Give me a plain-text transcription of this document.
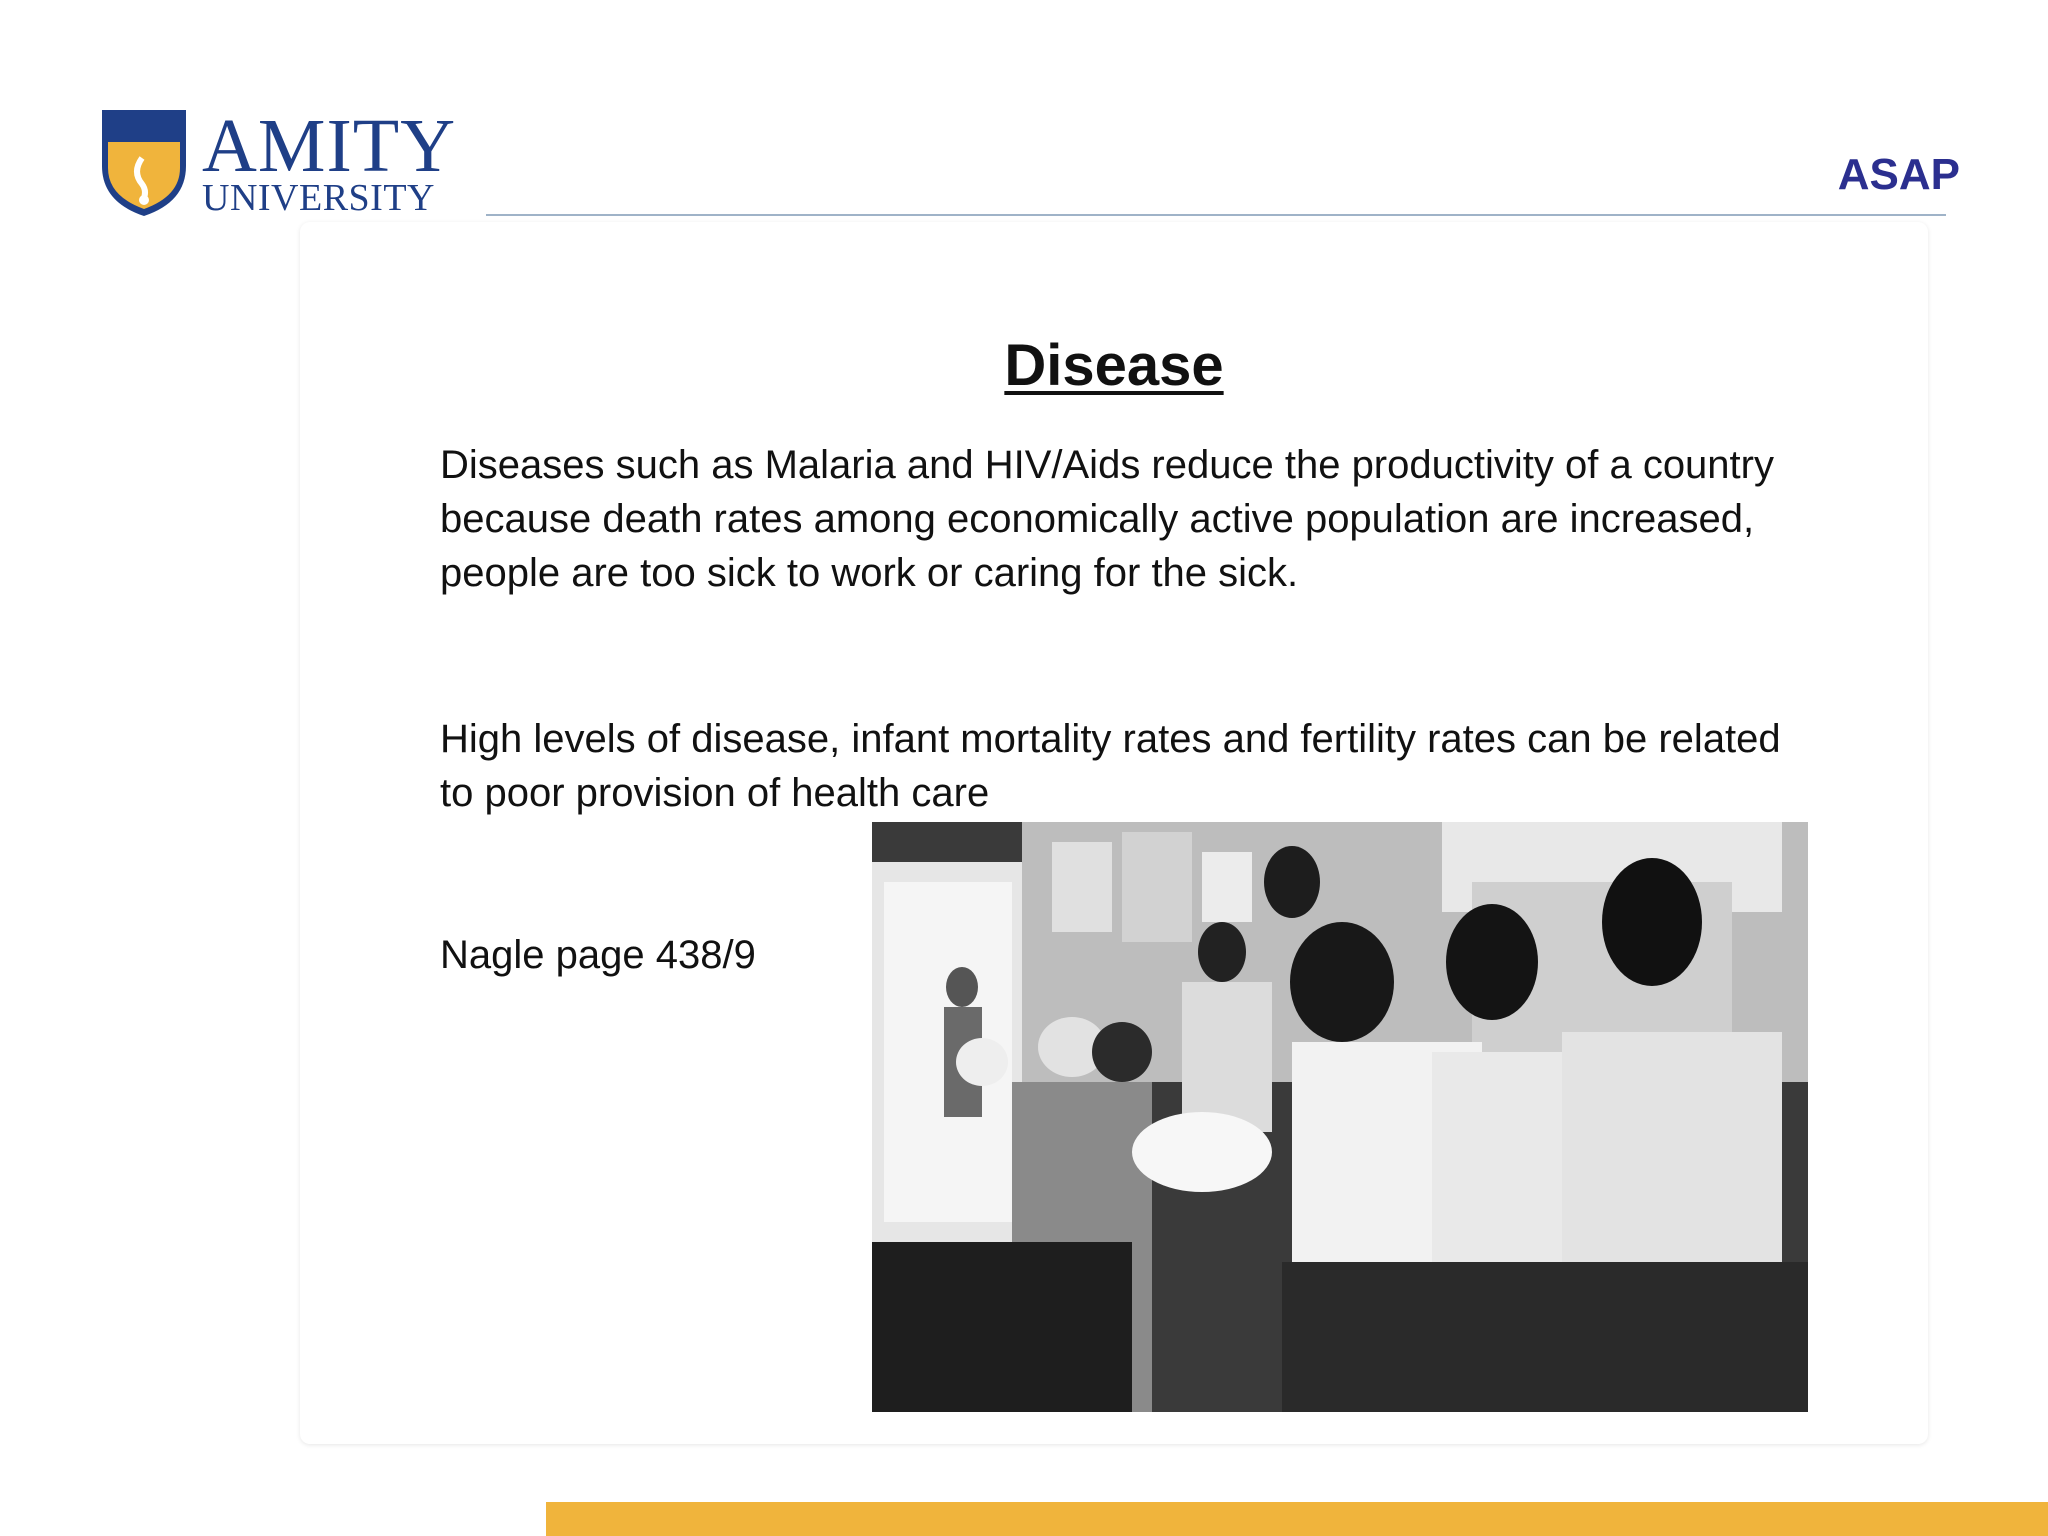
AMITY
UNIVERSITY	ASAP
Disease
Diseases such as Malaria and HIV/Aids reduce the productivity of a country because death rates among economically active population are increased, people are too sick to work or caring for the sick.
High levels of disease, infant mortality rates and fertility rates can be related to poor provision of health care
Nagle page 438/9
